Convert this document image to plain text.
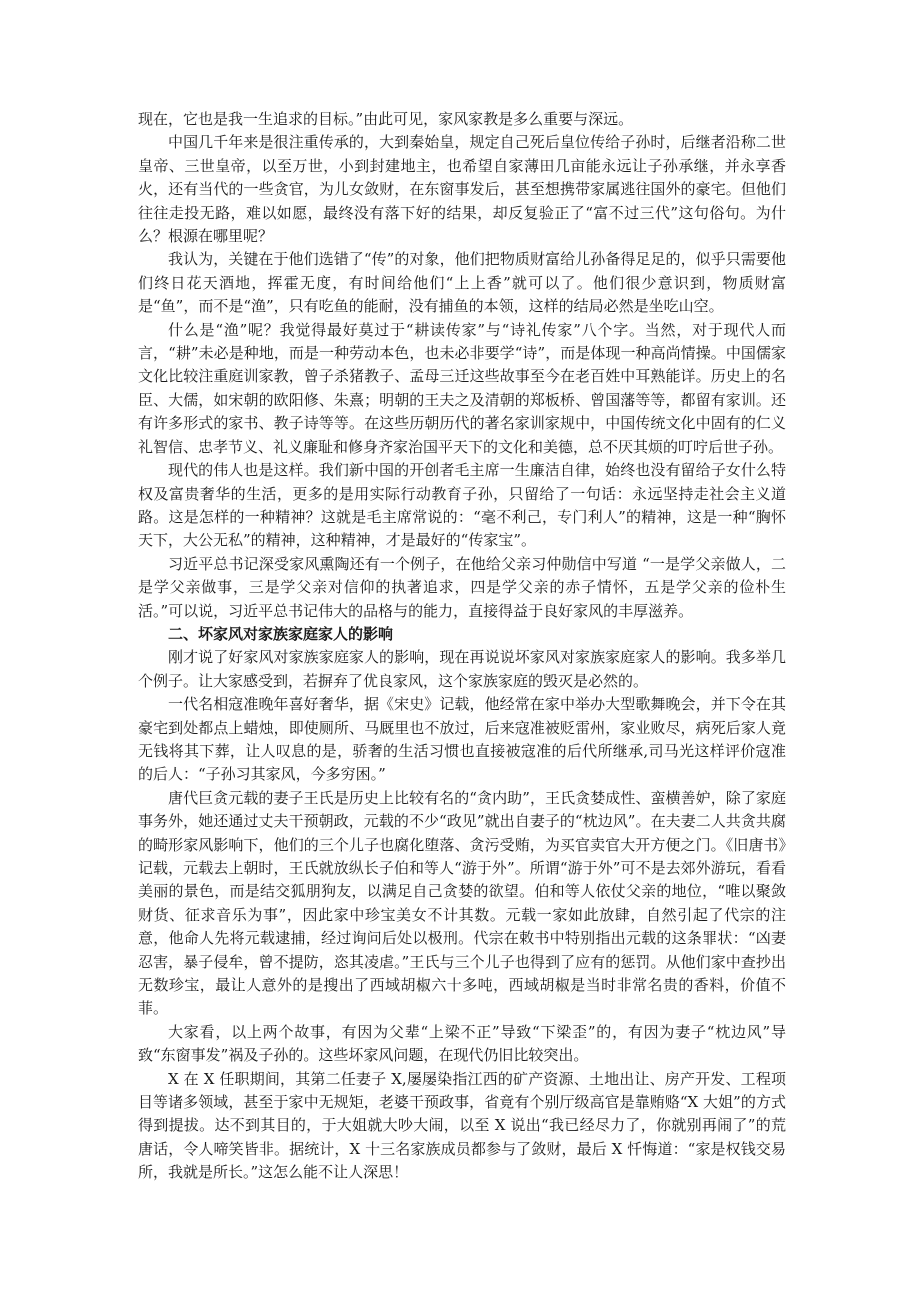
现在，它也是我一生追求的目标。”由此可见，家风家教是多么重要与深远。

中国几千年来是很注重传承的，大到秦始皇，规定自己死后皇位传给子孙时，后继者沿称二世皇帝、三世皇帝，以至万世，小到封建地主，也希望自家薄田几亩能永远让子孙承继，并永享香火，还有当代的一些贪官，为儿女敛财，在东窗事发后，甚至想携带家属逃往国外的豪宅。但他们往往走投无路，难以如愿，最终没有落下好的结果，却反复验正了“富不过三代”这句俗句。为什么？根源在哪里呢？

我认为，关键在于他们选错了“传”的对象，他们把物质财富给儿孙备得足足的，似乎只需要他们终日花天酒地，挥霍无度，有时间给他们“上上香”就可以了。他们很少意识到，物质财富是“鱼”，而不是“渔”，只有吃鱼的能耐，没有捕鱼的本领，这样的结局必然是坐吃山空。

什么是“渔”呢？我觉得最好莫过于“耕读传家”与“诗礼传家”八个字。当然，对于现代人而言，“耕”未必是种地，而是一种劳动本色，也未必非要学“诗”，而是体现一种高尚情操。中国儒家文化比较注重庭训家教，曾子杀猪教子、孟母三迁这些故事至今在老百姓中耳熟能详。历史上的名臣、大儒，如宋朝的欧阳修、朱熹；明朝的王夫之及清朝的郑板桥、曾国藩等等，都留有家训。还有许多形式的家书、教子诗等等。在这些历朝历代的著名家训家规中，中国传统文化中固有的仁义礼智信、忠孝节义、礼义廉耻和修身齐家治国平天下的文化和美德，总不厌其烦的叮咛后世子孙。

现代的伟人也是这样。我们新中国的开创者毛主席一生廉洁自律，始终也没有留给子女什么特权及富贵奢华的生活，更多的是用实际行动教育子孙，只留给了一句话：永远坚持走社会主义道路。这是怎样的一种精神？这就是毛主席常说的：“毫不利己，专门利人”的精神，这是一种“胸怀天下，大公无私”的精神，这种精神，才是最好的“传家宝”。

习近平总书记深受家风熏陶还有一个例子，在他给父亲习仲勋信中写道 “一是学父亲做人，二是学父亲做事，三是学父亲对信仰的执著追求，四是学父亲的赤子情怀，五是学父亲的俭朴生活。”可以说，习近平总书记伟大的品格与的能力，直接得益于良好家风的丰厚滋养。

二、坏家风对家族家庭家人的影响

刚才说了好家风对家族家庭家人的影响，现在再说说坏家风对家族家庭家人的影响。我多举几个例子。让大家感受到，若摒弃了优良家风，这个家族家庭的毁灭是必然的。

一代名相寇准晚年喜好奢华，据《宋史》记载，他经常在家中举办大型歌舞晚会，并下令在其豪宅到处都点上蜡烛，即使厕所、马厩里也不放过，后来寇准被贬雷州，家业败尽，病死后家人竟无钱将其下葬，让人叹息的是，骄奢的生活习惯也直接被寇准的后代所继承,司马光这样评价寇准的后人：“子孙习其家风，今多穷困。”

唐代巨贪元载的妻子王氏是历史上比较有名的“贪内助”，王氏贪婪成性、蛮横善妒，除了家庭事务外，她还通过丈夫干预朝政，元载的不少“政见”就出自妻子的“枕边风”。在夫妻二人共贪共腐的畸形家风影响下，他们的三个儿子也腐化堕落、贪污受贿，为买官卖官大开方便之门。《旧唐书》记载，元载去上朝时，王氏就放纵长子伯和等人“游于外”。所谓“游于外”可不是去郊外游玩，看看美丽的景色，而是结交狐朋狗友，以满足自己贪婪的欲望。伯和等人依仗父亲的地位，“唯以聚敛财货、征求音乐为事”，因此家中珍宝美女不计其数。元载一家如此放肆，自然引起了代宗的注意，他命人先将元载逮捕，经过询问后处以极刑。代宗在敕书中特别指出元载的这条罪状：“凶妻忍害，暴子侵牟，曾不提防，恣其凌虐。”王氏与三个儿子也得到了应有的惩罚。从他们家中查抄出无数珍宝，最让人意外的是搜出了西域胡椒六十多吨，西域胡椒是当时非常名贵的香料，价值不菲。

大家看，以上两个故事，有因为父辈“上梁不正”导致“下梁歪”的，有因为妻子“枕边风”导致“东窗事发”祸及子孙的。这些坏家风问题，在现代仍旧比较突出。

X 在 X 任职期间，其第二任妻子 X,屡屡染指江西的矿产资源、土地出让、房产开发、工程项目等诸多领域，甚至于家中无规矩，老婆干预政事，省竟有个别厅级高官是靠贿赂“X 大姐”的方式得到提拔。达不到其目的，于大姐就大吵大闹，以至 X 说出“我已经尽力了，你就别再闹了”的荒唐话，令人啼笑皆非。据统计，X 十三名家族成员都参与了敛财，最后 X 忏悔道：“家是权钱交易所，我就是所长。”这怎么能不让人深思！
